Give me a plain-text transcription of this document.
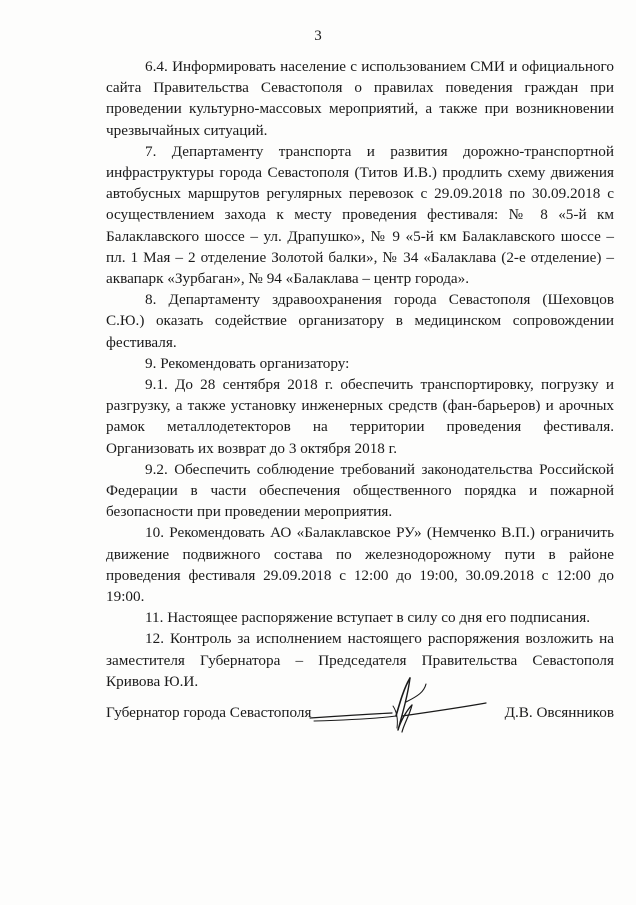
3

6.4. Информировать население с использованием СМИ и официального сайта Правительства Севастополя о правилах поведения граждан при проведении культурно-массовых мероприятий, а также при возникновении чрезвычайных ситуаций.

7. Департаменту транспорта и развития дорожно-транспортной инфраструктуры города Севастополя (Титов И.В.) продлить схему движения автобусных маршрутов регулярных перевозок с 29.09.2018 по 30.09.2018 с осуществлением захода к месту проведения фестиваля: № 8 «5-й км Балаклавского шоссе – ул. Драпушко», № 9 «5-й км Балаклавского шоссе – пл. 1 Мая – 2 отделение Золотой балки», № 34 «Балаклава (2-е отделение) – аквапарк «Зурбаган», № 94 «Балаклава – центр города».

8. Департаменту здравоохранения города Севастополя (Шеховцов С.Ю.) оказать содействие организатору в медицинском сопровождении фестиваля.

9. Рекомендовать организатору:

9.1. До 28 сентября 2018 г. обеспечить транспортировку, погрузку и разгрузку, а также установку инженерных средств (фан-барьеров) и арочных рамок металлодетекторов на территории проведения фестиваля. Организовать их возврат до 3 октября 2018 г.

9.2. Обеспечить соблюдение требований законодательства Российской Федерации в части обеспечения общественного порядка и пожарной безопасности при проведении мероприятия.

10. Рекомендовать АО «Балаклавское РУ» (Немченко В.П.) ограничить движение подвижного состава по железнодорожному пути в районе проведения фестиваля 29.09.2018 с 12:00 до 19:00, 30.09.2018 с 12:00 до 19:00.

11. Настоящее распоряжение вступает в силу со дня его подписания.

12. Контроль за исполнением настоящего распоряжения возложить на заместителя Губернатора – Председателя Правительства Севастополя Кривова Ю.И.

Губернатор города Севастополя	Д.В. Овсянников
